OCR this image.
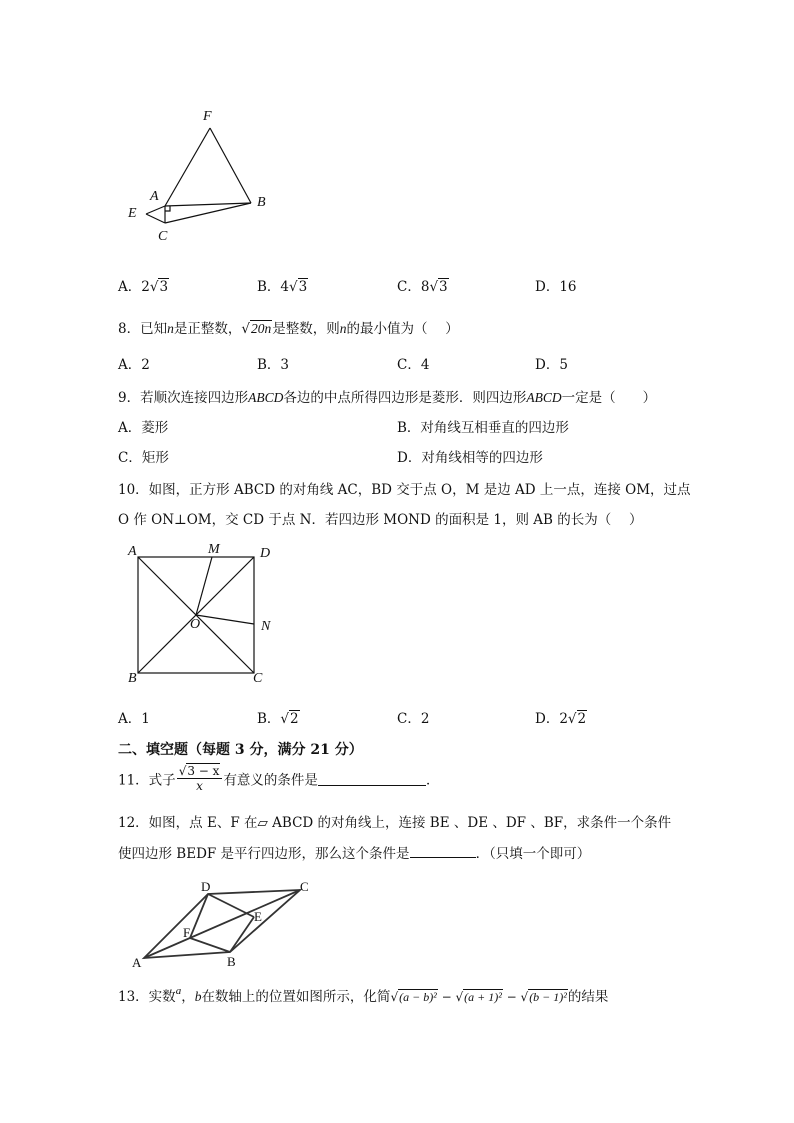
F
A	B
E
C
A．2√3	B．4√3	C．8√3	D．16
8．已知n是正整数，√20n是整数，则n的最小值为（　 ）
A．2	B．3	C．4	D．5
9．若顺次连接四边形ABCD各边的中点所得四边形是菱形．则四边形ABCD一定是（　　）
A．菱形	B．对角线互相垂直的四边形
C．矩形	D．对角线相等的四边形
10．如图，正方形 ABCD 的对角线 AC，BD 交于点 O，M 是边 AD 上一点，连接 OM，过点
O 作 ON⊥OM，交 CD 于点 N．若四边形 MOND 的面积是 1，则 AB 的长为（　 ）
A	M	D
O	N
B	C
A．1	B．√2	C．2	D．2√2
二、填空题（每题 3 分，满分 21 分）
11．式子 $\frac{√3 - x}{x}$ 有意义的条件是	．
12．如图，点 E、F 在▱ ABCD 的对角线上，连接 BE 、DE 、DF 、BF，求条件一个条件
使四边形 BEDF 是平行四边形，那么这个条件是	．（只填一个即可）
D	C
E
F
A	B
13．实数$^a$，b在数轴上的位置如图所示，化简√(a − b)² − √(a + 1)² − √(b − 1)²的结果
